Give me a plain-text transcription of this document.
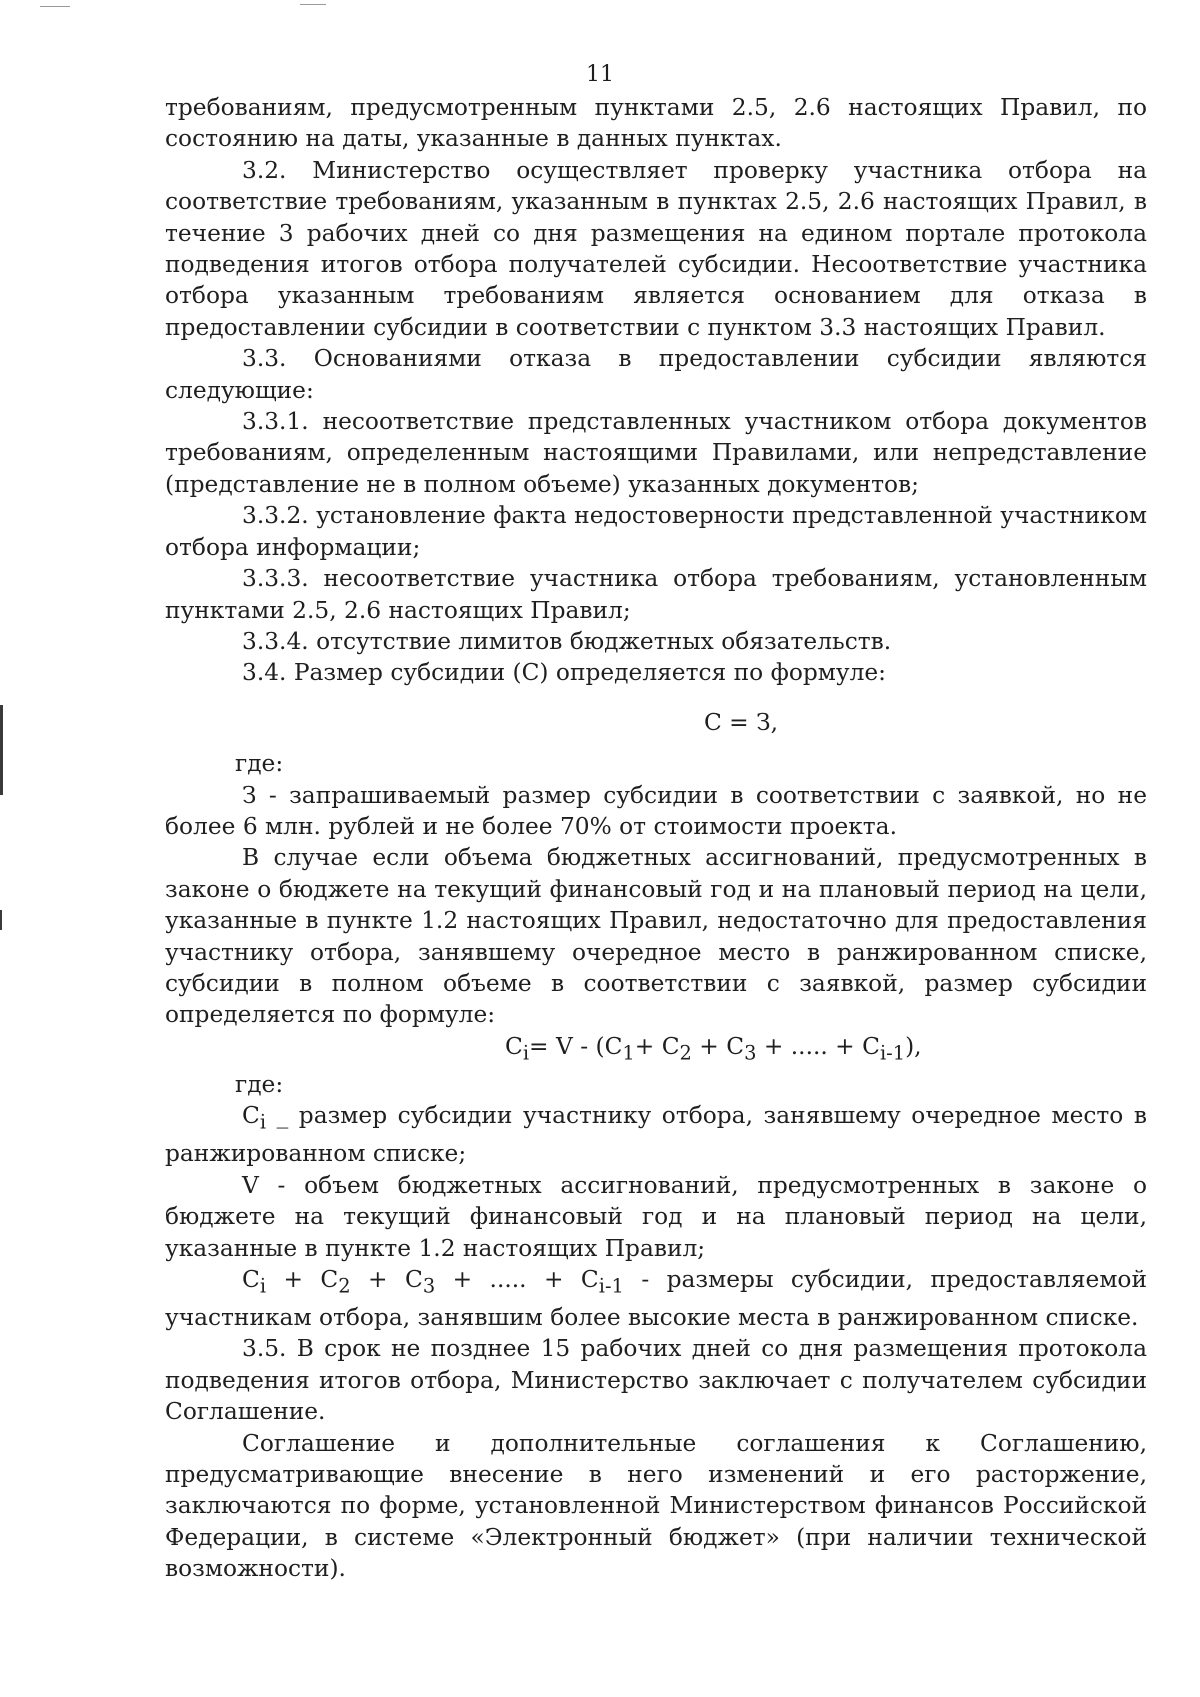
11

требованиям, предусмотренным пунктами 2.5, 2.6 настоящих Правил, по состоянию на даты, указанные в данных пунктах.

3.2. Министерство осуществляет проверку участника отбора на соответствие требованиям, указанным в пунктах 2.5, 2.6 настоящих Правил, в течение 3 рабочих дней со дня размещения на едином портале протокола подведения итогов отбора получателей субсидии. Несоответствие участника отбора указанным требованиям является основанием для отказа в предоставлении субсидии в соответствии с пунктом 3.3 настоящих Правил.

3.3. Основаниями отказа в предоставлении субсидии являются следующие:

3.3.1. несоответствие представленных участником отбора документов требованиям, определенным настоящими Правилами, или непредставление (представление не в полном объеме) указанных документов;

3.3.2. установление факта недостоверности представленной участником отбора информации;

3.3.3. несоответствие участника отбора требованиям, установленным пунктами 2.5, 2.6 настоящих Правил;

3.3.4. отсутствие лимитов бюджетных обязательств.

3.4. Размер субсидии (С) определяется по формуле:

С = З,

где:

З - запрашиваемый размер субсидии в соответствии с заявкой, но не более 6 млн. рублей и не более 70% от стоимости проекта.

В случае если объема бюджетных ассигнований, предусмотренных в законе о бюджете на текущий финансовый год и на плановый период на цели, указанные в пункте 1.2 настоящих Правил, недостаточно для предоставления участнику отбора, занявшему очередное место в ранжированном списке, субсидии в полном объеме в соответствии с заявкой, размер субсидии определяется по формуле:

$C_i= V - (C_1+ C_2 + C_3$ + ..... + $C_{i-1}$),

где:

$C_i$ _ размер субсидии участнику отбора, занявшему очередное место в ранжированном списке;

V - объем бюджетных ассигнований, предусмотренных в законе о бюджете на текущий финансовый год и на плановый период на цели, указанные в пункте 1.2 настоящих Правил;

$C_i + C_2 + C_3$ + ..... + $C_{i-1}$ - размеры субсидии, предоставляемой участникам отбора, занявшим более высокие места в ранжированном списке.

3.5. В срок не позднее 15 рабочих дней со дня размещения протокола подведения итогов отбора, Министерство заключает с получателем субсидии Соглашение.

Соглашение и дополнительные соглашения к Соглашению, предусматривающие внесение в него изменений и его расторжение, заключаются по форме, установленной Министерством финансов Российской Федерации, в системе «Электронный бюджет» (при наличии технической возможности).
